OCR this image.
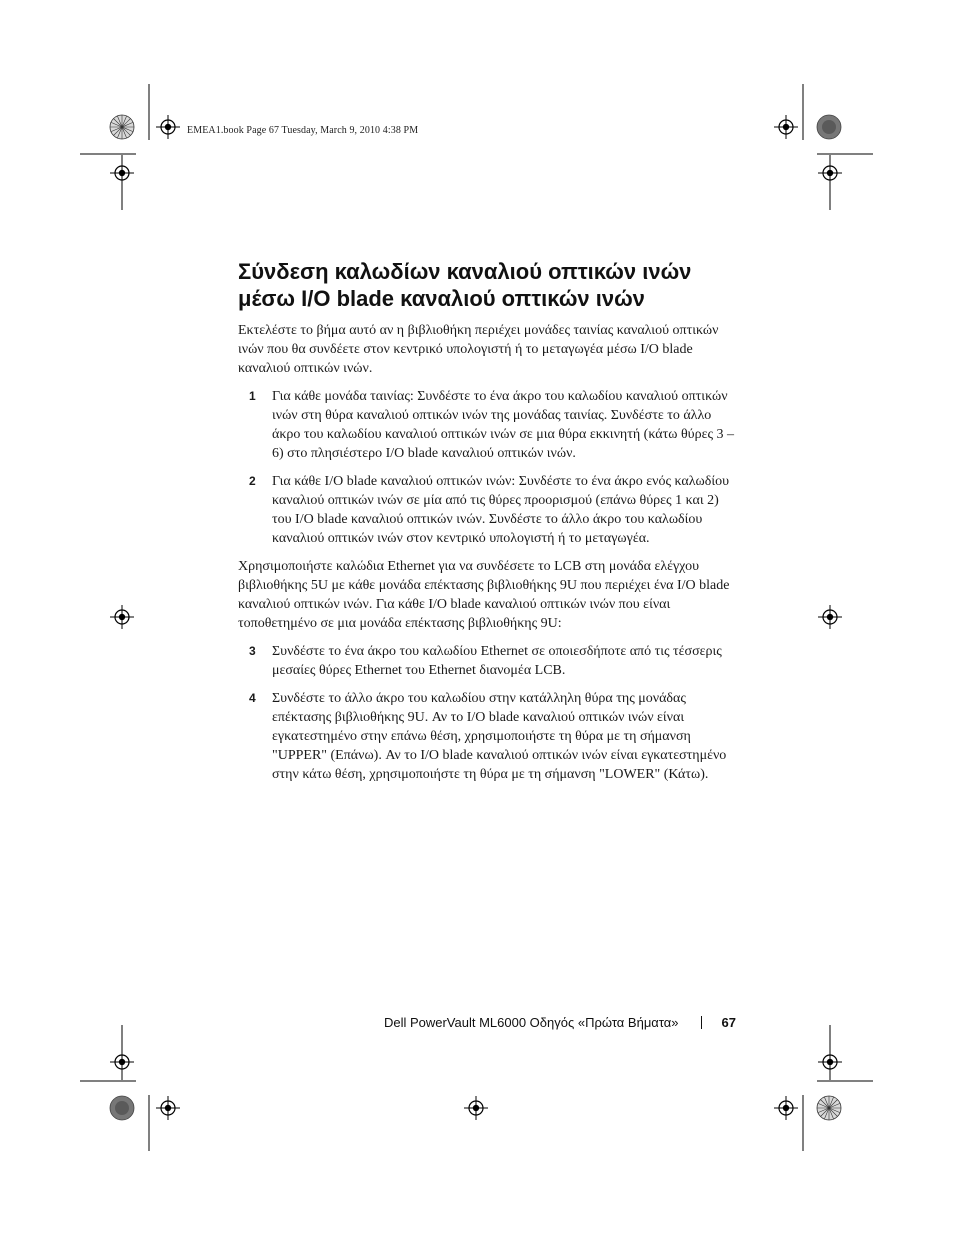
EMEA1.book Page 67 Tuesday, March 9, 2010 4:38 PM
Σύνδεση καλωδίων καναλιού οπτικών ινών
μέσω I/O blade καναλιού οπτικών ινών

Εκτελέστε το βήμα αυτό αν η βιβλιοθήκη περιέχει μονάδες ταινίας καναλιού οπτικών ινών που θα συνδέετε στον κεντρικό υπολογιστή ή το μεταγωγέα μέσω I/O blade καναλιού οπτικών ινών.

1 Για κάθε μονάδα ταινίας: Συνδέστε το ένα άκρο του καλωδίου καναλιού οπτικών ινών στη θύρα καναλιού οπτικών ινών της μονάδας ταινίας. Συνδέστε το άλλο άκρο του καλωδίου καναλιού οπτικών ινών σε μια θύρα εκκινητή (κάτω θύρες 3 – 6) στο πλησιέστερο I/O blade καναλιού οπτικών ινών.
2 Για κάθε I/O blade καναλιού οπτικών ινών: Συνδέστε το ένα άκρο ενός καλωδίου καναλιού οπτικών ινών σε μία από τις θύρες προορισμού (επάνω θύρες 1 και 2) του I/O blade καναλιού οπτικών ινών. Συνδέστε το άλλο άκρο του καλωδίου καναλιού οπτικών ινών στον κεντρικό υπολογιστή ή το μεταγωγέα.

Χρησιμοποιήστε καλώδια Ethernet για να συνδέσετε το LCB στη μονάδα ελέγχου βιβλιοθήκης 5U με κάθε μονάδα επέκτασης βιβλιοθήκης 9U που περιέχει ένα I/O blade καναλιού οπτικών ινών. Για κάθε I/O blade καναλιού οπτικών ινών που είναι τοποθετημένο σε μια μονάδα επέκτασης βιβλιοθήκης 9U:

3 Συνδέστε το ένα άκρο του καλωδίου Ethernet σε οποιεσδήποτε από τις τέσσερις μεσαίες θύρες Ethernet του Ethernet διανομέα LCB.
4 Συνδέστε το άλλο άκρο του καλωδίου στην κατάλληλη θύρα της μονάδας επέκτασης βιβλιοθήκης 9U. Αν το I/O blade καναλιού οπτικών ινών είναι εγκατεστημένο στην επάνω θέση, χρησιμοποιήστε τη θύρα με τη σήμανση "UPPER" (Επάνω). Αν το I/O blade καναλιού οπτικών ινών είναι εγκατεστημένο στην κάτω θέση, χρησιμοποιήστε τη θύρα με τη σήμανση "LOWER" (Κάτω).
Dell PowerVault ML6000 Οδηγός «Πρώτα Βήματα»	67
